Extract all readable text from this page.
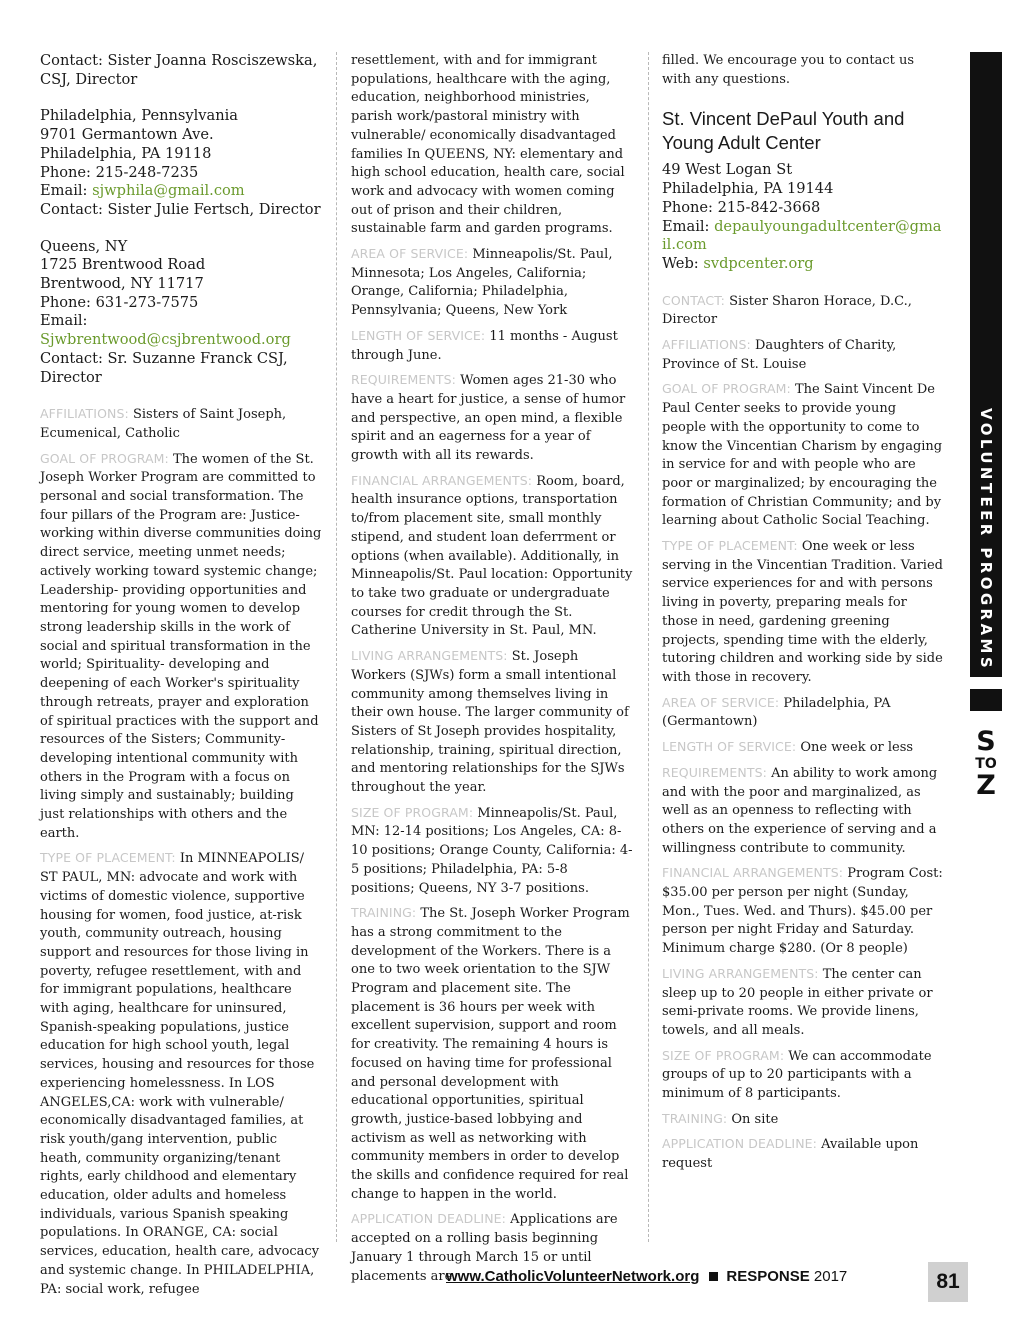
Contact: Sister Joanna Rosciszewska, CSJ, Director
Philadelphia, Pennsylvania
9701 Germantown Ave.
Philadelphia, PA 19118
Phone: 215-248-7235
Email: sjwphila@gmail.com
Contact: Sister Julie Fertsch, Director
Queens, NY
1725 Brentwood Road
Brentwood, NY 11717
Phone: 631-273-7575
Email: Sjwbrentwood@csjbrentwood.org
Contact: Sr. Suzanne Franck CSJ, Director

AFFILIATIONS: Sisters of Saint Joseph, Ecumenical, Catholic

GOAL OF PROGRAM: The women of the St. Joseph Worker Program are committed to personal and social transformation. The four pillars of the Program are: Justice- working within diverse communities doing direct service, meeting unmet needs; actively working toward systemic change; Leadership- providing opportunities and mentoring for young women to develop strong leadership skills in the work of social and spiritual transformation in the world; Spirituality- developing and deepening of each Worker's spirituality through retreats, prayer and exploration of spiritual practices with the support and resources of the Sisters; Community- developing intentional community with others in the Program with a focus on living simply and sustainably; building just relationships with others and the earth.

TYPE OF PLACEMENT: In MINNEAPOLIS/ ST PAUL, MN: advocate and work with victims of domestic violence, supportive housing for women, food justice, at-risk youth, community outreach, housing support and resources for those living in poverty, refugee resettlement, with and for immigrant populations, healthcare with aging, healthcare for uninsured, Spanish-speaking populations, justice education for high school youth, legal services, housing and resources for those experiencing homelessness. In LOS ANGELES,CA: work with vulnerable/ economically disadvantaged families, at risk youth/gang intervention, public heath, community organizing/tenant rights, early childhood and elementary education, older adults and homeless individuals, various Spanish speaking populations. In ORANGE, CA: social services, education, health care, advocacy and systemic change. In PHILADELPHIA, PA: social work, refugee

resettlement, with and for immigrant populations, healthcare with the aging, education, neighborhood ministries, parish work/pastoral ministry with vulnerable/ economically disadvantaged families In QUEENS, NY: elementary and high school education, health care, social work and advocacy with women coming out of prison and their children, sustainable farm and garden programs.

AREA OF SERVICE: Minneapolis/St. Paul, Minnesota; Los Angeles, California; Orange, California; Philadelphia, Pennsylvania; Queens, New York

LENGTH OF SERVICE: 11 months - August through June.

REQUIREMENTS: Women ages 21-30 who have a heart for justice, a sense of humor and perspective, an open mind, a flexible spirit and an eagerness for a year of growth with all its rewards.

FINANCIAL ARRANGEMENTS: Room, board, health insurance options, transportation to/from placement site, small monthly stipend, and student loan deferrment or options (when available). Additionally, in Minneapolis/St. Paul location: Opportunity to take two graduate or undergraduate courses for credit through the St. Catherine University in St. Paul, MN.

LIVING ARRANGEMENTS: St. Joseph Workers (SJWs) form a small intentional community among themselves living in their own house. The larger community of Sisters of St Joseph provides hospitality, relationship, training, spiritual direction, and mentoring relationships for the SJWs throughout the year.

SIZE OF PROGRAM: Minneapolis/St. Paul, MN: 12-14 positions; Los Angeles, CA: 8-10 positions; Orange County, California: 4-5 positions; Philadelphia, PA: 5-8 positions; Queens, NY 3-7 positions.

TRAINING: The St. Joseph Worker Program has a strong commitment to the development of the Workers. There is a one to two week orientation to the SJW Program and placement site. The placement is 36 hours per week with excellent supervision, support and room for creativity. The remaining 4 hours is focused on having time for professional and personal development with educational opportunities, spiritual growth, justice-based lobbying and activism as well as networking with community members in order to develop the skills and confidence required for real change to happen in the world.

APPLICATION DEADLINE: Applications are accepted on a rolling basis beginning January 1 through March 15 or until placements are

filled. We encourage you to contact us with any questions.

St. Vincent DePaul Youth and Young Adult Center
49 West Logan St
Philadelphia, PA 19144
Phone: 215-842-3668
Email: depaulyoungadultcenter@gmail.com
Web: svdpcenter.org

CONTACT: Sister Sharon Horace, D.C., Director

AFFILIATIONS: Daughters of Charity, Province of St. Louise

GOAL OF PROGRAM: The Saint Vincent De Paul Center seeks to provide young people with the opportunity to come to know the Vincentian Charism by engaging in service for and with people who are poor or marginalized; by encouraging the formation of Christian Community; and by learning about Catholic Social Teaching.

TYPE OF PLACEMENT: One week or less serving in the Vincentian Tradition. Varied service experiences for and with persons living in poverty, preparing meals for those in need, gardening greening projects, spending time with the elderly, tutoring children and working side by side with those in recovery.

AREA OF SERVICE: Philadelphia, PA (Germantown)

LENGTH OF SERVICE: One week or less

REQUIREMENTS: An ability to work among and with the poor and marginalized, as well as an openness to reflecting with others on the experience of serving and a willingness contribute to community.

FINANCIAL ARRANGEMENTS: Program Cost: $35.00 per person per night (Sunday, Mon., Tues. Wed. and Thurs). $45.00 per person per night Friday and Saturday. Minimum charge $280. (Or 8 people)

LIVING ARRANGEMENTS: The center can sleep up to 20 people in either private or semi-private rooms. We provide linens, towels, and all meals.

SIZE OF PROGRAM: We can accommodate groups of up to 20 participants with a minimum of 8 participants.

TRAINING: On site

APPLICATION DEADLINE: Available upon request

VOLUNTEER PROGRAMS
S
TO
Z
www.CatholicVolunteerNetwork.org RESPONSE 2017	81
